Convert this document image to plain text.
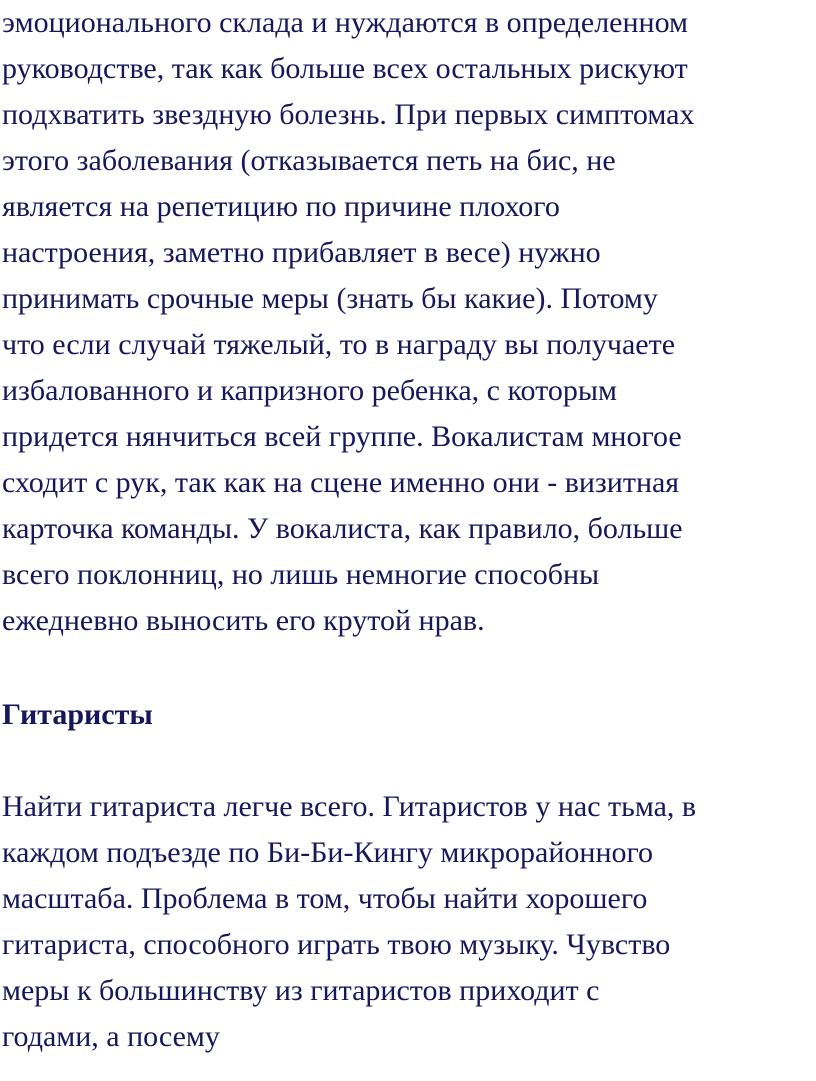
эмоционального склада и нуждаются в определенном
руководстве, так как больше всех остальных рискуют
подхватить звездную болезнь. При первых симптомах
этого заболевания (отказывается петь на бис, не
является на репетицию по причине плохого
настроения, заметно прибавляет в весе) нужно
принимать срочные меры (знать бы какие). Потому
что если случай тяжелый, то в награду вы получаете
избалованного и капризного ребенка, с которым
придется нянчиться всей группе. Вокалистам многое
сходит с рук, так как на сцене именно они - визитная
карточка команды. У вокалиста, как правило, больше
всего поклонниц, но лишь немногие способны
ежедневно выносить его крутой нрав.
Гитаристы
Найти гитариста легче всего. Гитаристов у нас тьма, в
каждом подъезде по Би-Би-Кингу микрорайонного
масштаба. Проблема в том, чтобы найти хорошего
гитариста, способного играть твою музыку. Чувство
меры к большинству из гитаристов приходит с
годами, а посему
